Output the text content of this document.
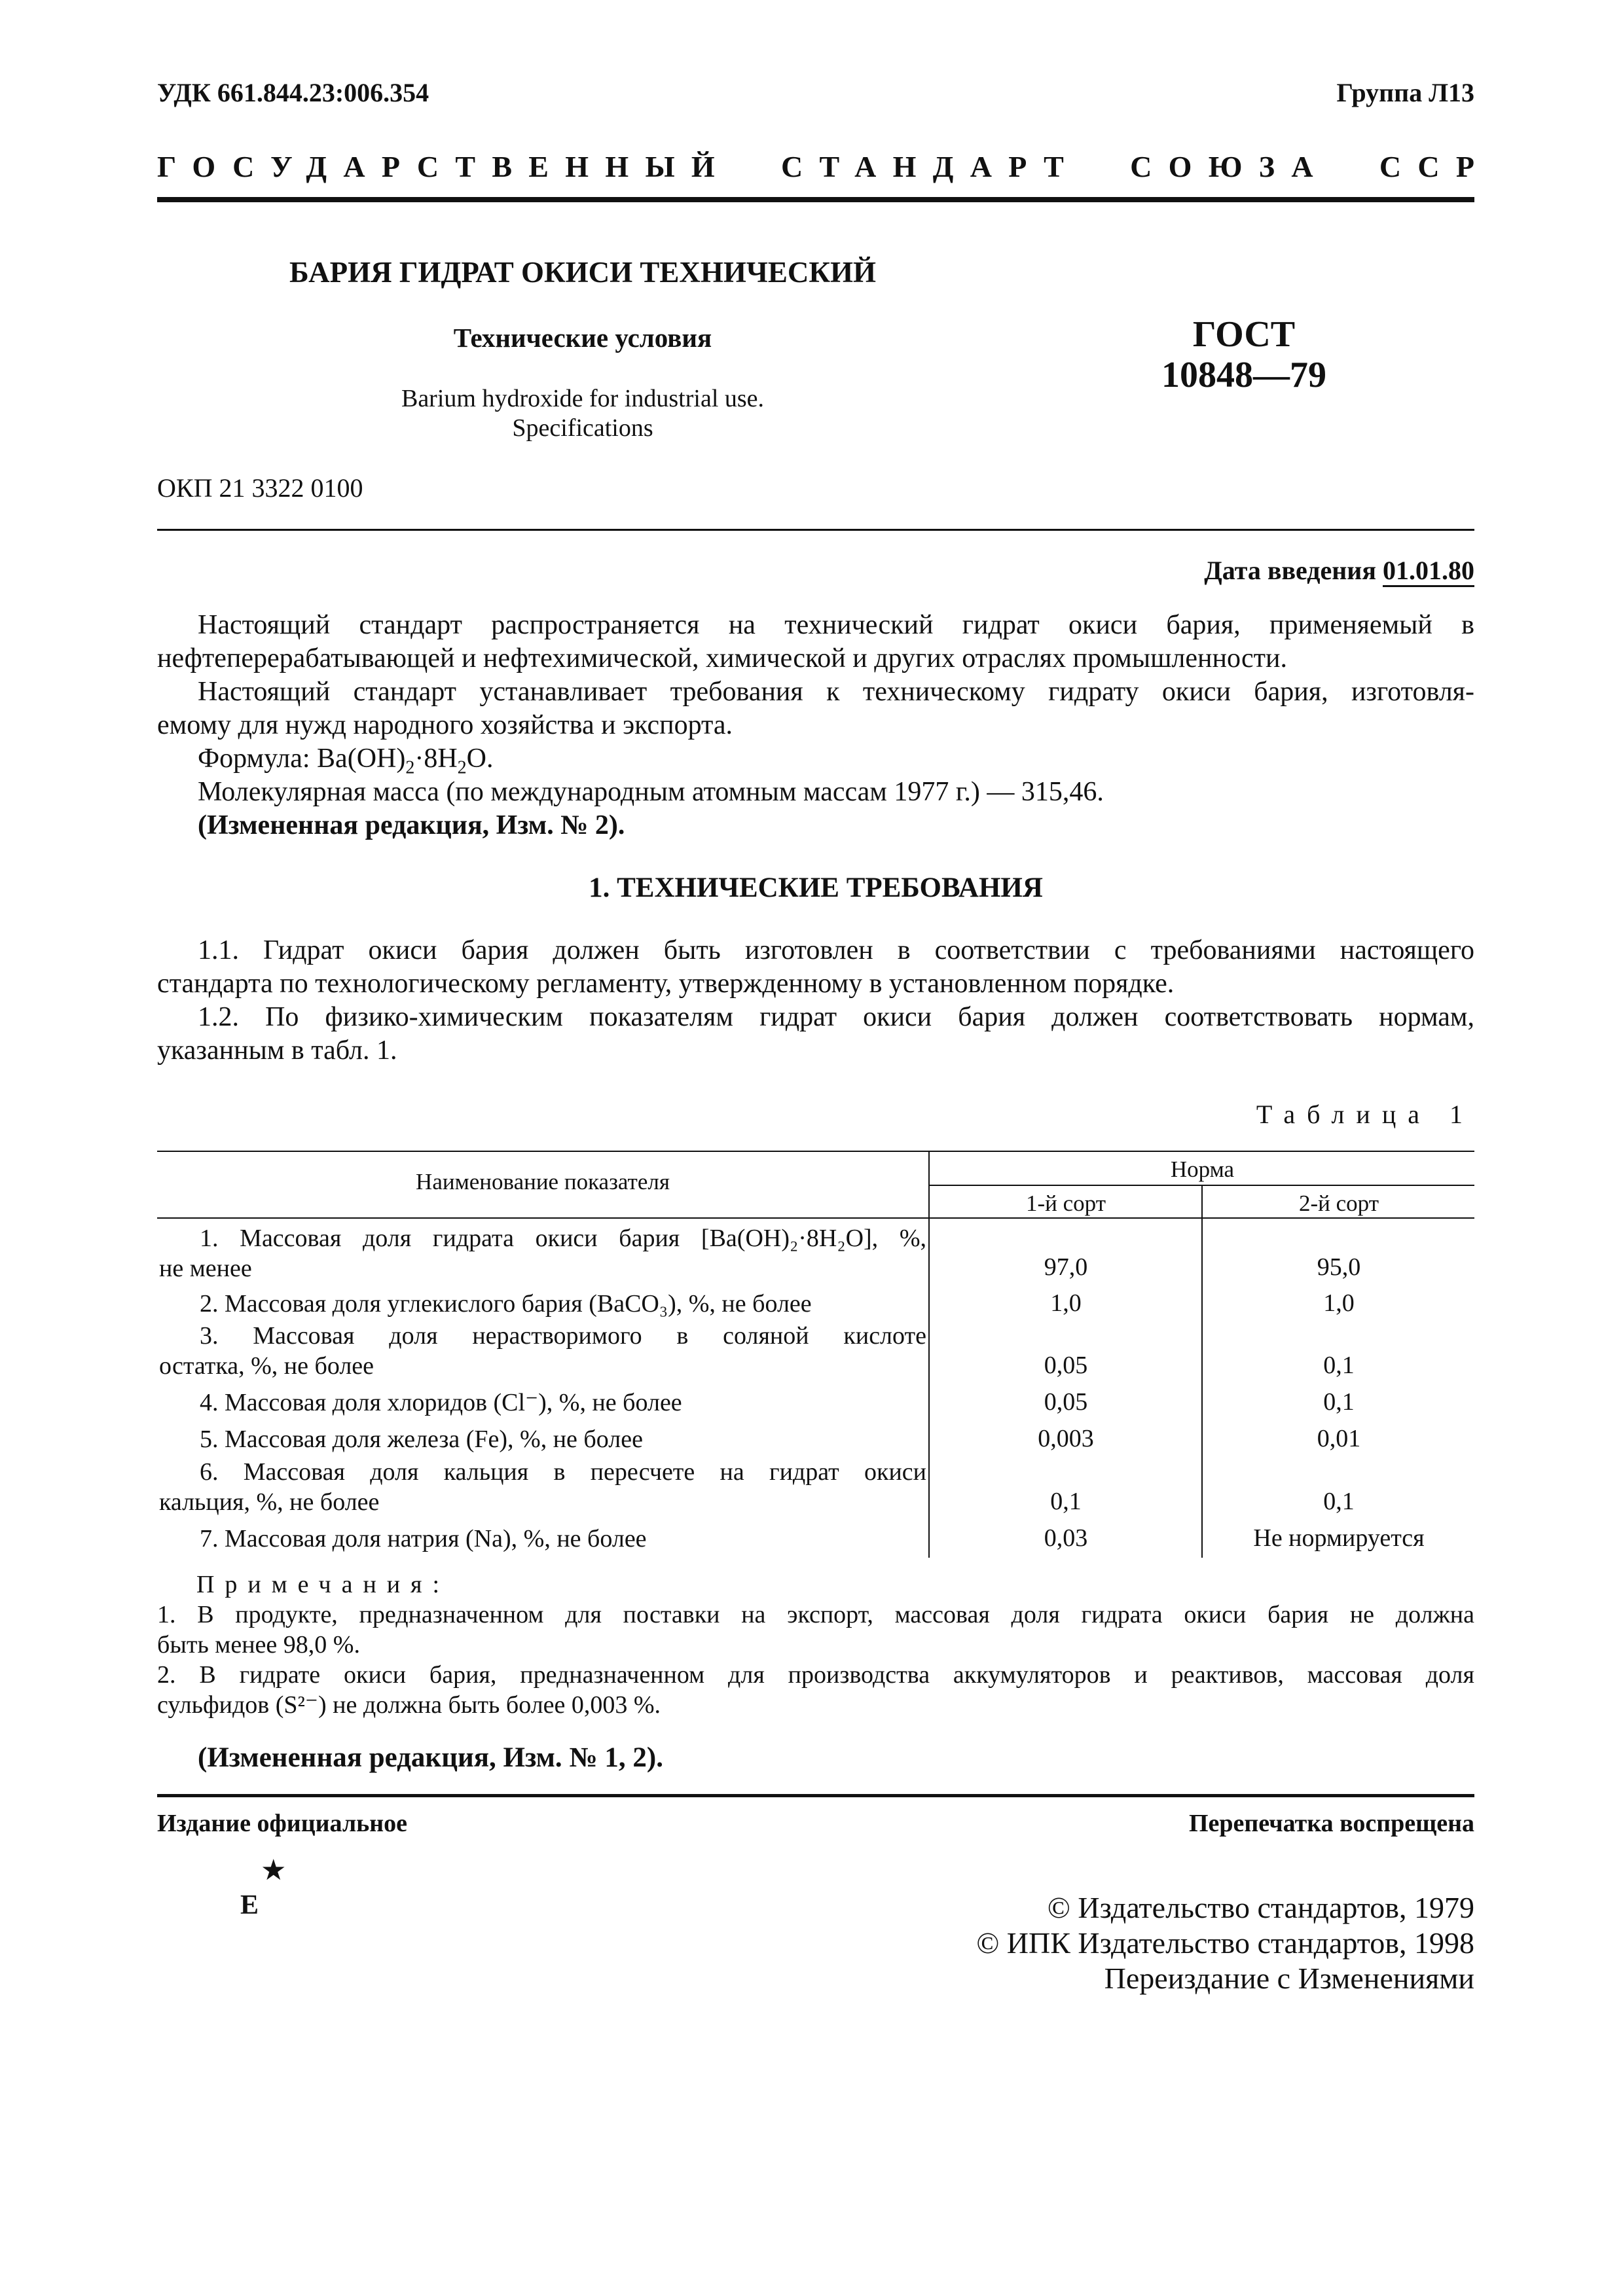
УДК 661.844.23:006.354	Группа Л13
ГОСУДАРСТВЕННЫЙ СТАНДАРТ СОЮЗА ССР
БАРИЯ ГИДРАТ ОКИСИ ТЕХНИЧЕСКИЙ
Технические условия
Barium hydroxide for industrial use.
Specifications
ГОСТ
10848—79
ОКП 21 3322 0100
Дата введения 01.01.80
Настоящий стандарт распространяется на технический гидрат окиси бария, применяемый в
нефтеперерабатывающей и нефтехимической, химической и других отраслях промышленности.
Настоящий стандарт устанавливает требования к техническому гидрату окиси бария, изготовля-
емому для нужд народного хозяйства и экспорта.
Формула: $Ba(OH)_2\cdot 8H_2O$.
Молекулярная масса (по международным атомным массам 1977 г.) — 315,46.
(Измененная редакция, Изм. № 2).
1. ТЕХНИЧЕСКИЕ ТРЕБОВАНИЯ
1.1. Гидрат окиси бария должен быть изготовлен в соответствии с требованиями настоящего
стандарта по технологическому регламенту, утвержденному в установленном порядке.
1.2. По физико-химическим показателям гидрат окиси бария должен соответствовать нормам,
указанным в табл. 1.
Таблица 1
Наименование показателя	Норма
1-й сорт	2-й сорт
1. Массовая доля гидрата окиси бария [Ba(OH)₂·8H₂O], %,
не менее	97,0	95,0
2. Массовая доля углекислого бария (BaCO₃), %, не более	1,0	1,0
3. Массовая доля нерастворимого в соляной кислоте
остатка, %, не более	0,05	0,1
4. Массовая доля хлоридов (Cl⁻), %, не более	0,05	0,1
5. Массовая доля железа (Fe), %, не более	0,003	0,01
6. Массовая доля кальция в пересчете на гидрат окиси
кальция, %, не более	0,1	0,1
7. Массовая доля натрия (Na), %, не более	0,03	Не нормируется
Примечания:
1. В продукте, предназначенном для поставки на экспорт, массовая доля гидрата окиси бария не должна
быть менее 98,0 %.
2. В гидрате окиси бария, предназначенном для производства аккумуляторов и реактивов, массовая доля
сульфидов (S²⁻) не должна быть более 0,003 %.
(Измененная редакция, Изм. № 1, 2).
Издание официальное	Перепечатка воспрещена
★
Е	© Издательство стандартов, 1979
© ИПК Издательство стандартов, 1998
Переиздание с Изменениями
